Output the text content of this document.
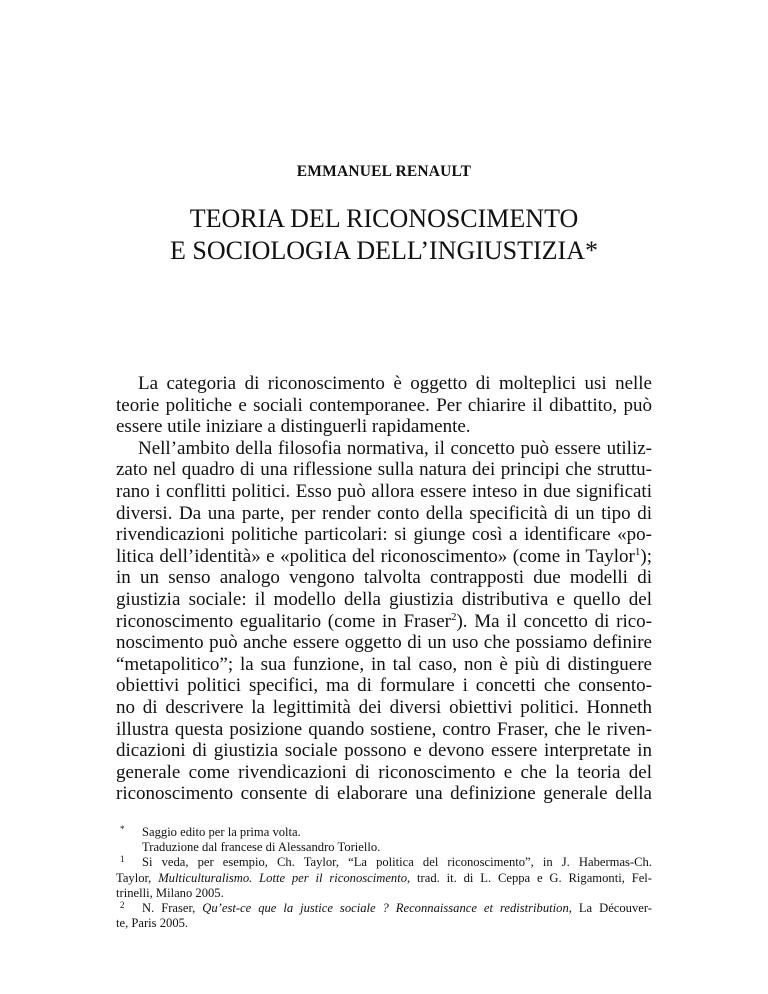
EMMANUEL RENAULT
TEORIA DEL RICONOSCIMENTO
E SOCIOLOGIA DELL’INGIUSTIZIA*
La categoria di riconoscimento è oggetto di molteplici usi nelle
teorie politiche e sociali contemporanee. Per chiarire il dibattito, può
essere utile iniziare a distinguerli rapidamente.
Nell’ambito della filosofia normativa, il concetto può essere utiliz-
zato nel quadro di una riflessione sulla natura dei principi che struttu-
rano i conflitti politici. Esso può allora essere inteso in due significati
diversi. Da una parte, per render conto della specificità di un tipo di
rivendicazioni politiche particolari: si giunge così a identificare «po-
litica dell’identità» e «politica del riconoscimento» (come in Taylor$^1$);
in un senso analogo vengono talvolta contrapposti due modelli di
giustizia sociale: il modello della giustizia distributiva e quello del
riconoscimento egualitario (come in Fraser$^2$). Ma il concetto di rico-
noscimento può anche essere oggetto di un uso che possiamo definire
“metapolitico”; la sua funzione, in tal caso, non è più di distinguere
obiettivi politici specifici, ma di formulare i concetti che consento-
no di descrivere la legittimità dei diversi obiettivi politici. Honneth
illustra questa posizione quando sostiene, contro Fraser, che le riven-
dicazioni di giustizia sociale possono e devono essere interpretate in
generale come rivendicazioni di riconoscimento e che la teoria del
riconoscimento consente di elaborare una definizione generale della
* Saggio edito per la prima volta.
Traduzione dal francese di Alessandro Toriello.
1 Si veda, per esempio, Ch. Taylor, “La politica del riconoscimento”, in J. Habermas-Ch.
Taylor, Multiculturalismo. Lotte per il riconoscimento, trad. it. di L. Ceppa e G. Rigamonti, Fel-
trinelli, Milano 2005.
2 N. Fraser, Qu’est-ce que la justice sociale ? Reconnaissance et redistribution, La Découver-
te, Paris 2005.
